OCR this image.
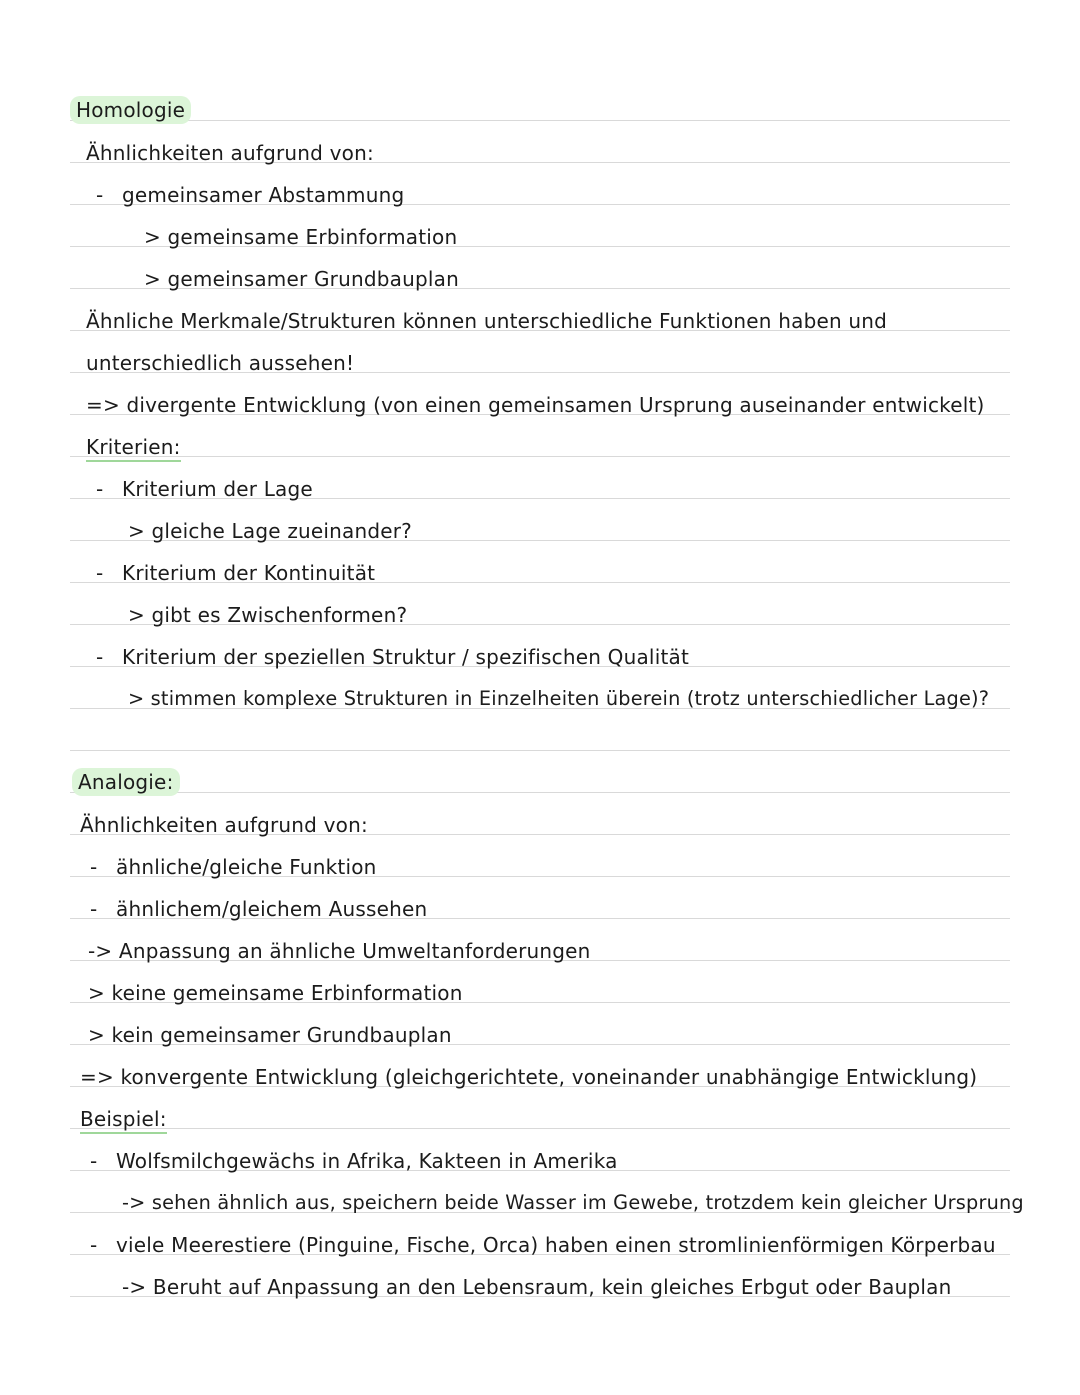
Homologie
Ähnlichkeiten aufgrund von:
- gemeinsamer Abstammung
> gemeinsame Erbinformation
> gemeinsamer Grundbauplan
Ähnliche Merkmale/Strukturen können unterschiedliche Funktionen haben und
unterschiedlich aussehen!
=> divergente Entwicklung (von einen gemeinsamen Ursprung auseinander entwickelt)
Kriterien:
- Kriterium der Lage
> gleiche Lage zueinander?
- Kriterium der Kontinuität
> gibt es Zwischenformen?
- Kriterium der speziellen Struktur / spezifischen Qualität
> stimmen komplexe Strukturen in Einzelheiten überein (trotz unterschiedlicher Lage)?
Analogie:
Ähnlichkeiten aufgrund von:
- ähnliche/gleiche Funktion
- ähnlichem/gleichem Aussehen
-> Anpassung an ähnliche Umweltanforderungen
> keine gemeinsame Erbinformation
> kein gemeinsamer Grundbauplan
=> konvergente Entwicklung (gleichgerichtete, voneinander unabhängige Entwicklung)
Beispiel:
- Wolfsmilchgewächs in Afrika, Kakteen in Amerika
-> sehen ähnlich aus, speichern beide Wasser im Gewebe, trotzdem kein gleicher Ursprung
- viele Meerestiere (Pinguine, Fische, Orca) haben einen stromlinienförmigen Körperbau
-> Beruht auf Anpassung an den Lebensraum, kein gleiches Erbgut oder Bauplan
